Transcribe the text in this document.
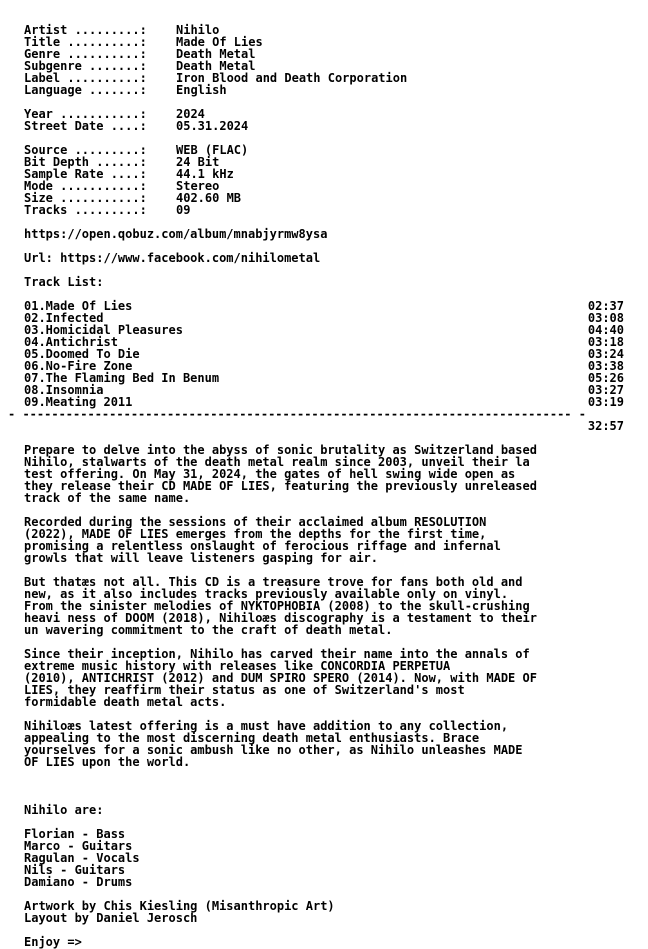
Artist .........: Nihilo
Title ..........: Made Of Lies
Genre ..........: Death Metal
Subgenre .......: Death Metal
Label ..........: Iron Blood and Death Corporation
Language .......: English
Year ...........: 2024
Street Date ....: 05.31.2024
Source .........: WEB (FLAC)
Bit Depth ......: 24 Bit
Sample Rate ....: 44.1 kHz
Mode ...........: Stereo
Size ...........: 402.60 MB
Tracks .........: 09
https://open.qobuz.com/album/mnabjyrmw8ysa
Url: https://www.facebook.com/nihilometal
Track List:
01.Made Of Lies	02:37
02.Infected	03:08
03.Homicidal Pleasures	04:40
04.Antichrist	03:18
05.Doomed To Die	03:24
06.No-Fire Zone	03:38
07.The Flaming Bed In Benum	05:26
08.Insomnia	03:27
09.Meating 2011	03:19
- ---------------------------------------------------------------------------- -
32:57
Prepare to delve into the abyss of sonic brutality as Switzerland based
Nihilo, stalwarts of the death metal realm since 2003, unveil their la
test offering. On May 31, 2024, the gates of hell swing wide open as
they release their CD MADE OF LIES, featuring the previously unreleased
track of the same name.
Recorded during the sessions of their acclaimed album RESOLUTION
(2022), MADE OF LIES emerges from the depths for the first time,
promising a relentless onslaught of ferocious riffage and infernal
growls that will leave listeners gasping for air.
But thatæs not all. This CD is a treasure trove for fans both old and
new, as it also includes tracks previously available only on vinyl.
From the sinister melodies of NYKTOPHOBIA (2008) to the skull-crushing
heavi ness of DOOM (2018), Nihiloæs discography is a testament to their
un wavering commitment to the craft of death metal.
Since their inception, Nihilo has carved their name into the annals of
extreme music history with releases like CONCORDIA PERPETUA
(2010), ANTICHRIST (2012) and DUM SPIRO SPERO (2014). Now, with MADE OF
LIES, they reaffirm their status as one of Switzerland's most
formidable death metal acts.
Nihiloæs latest offering is a must have addition to any collection,
appealing to the most discerning death metal enthusiasts. Brace
yourselves for a sonic ambush like no other, as Nihilo unleashes MADE
OF LIES upon the world.
Nihilo are:
Florian - Bass
Marco - Guitars
Ragulan - Vocals
Nils - Guitars
Damiano - Drums
Artwork by Chis Kiesling (Misanthropic Art)
Layout by Daniel Jerosch
Enjoy =>
